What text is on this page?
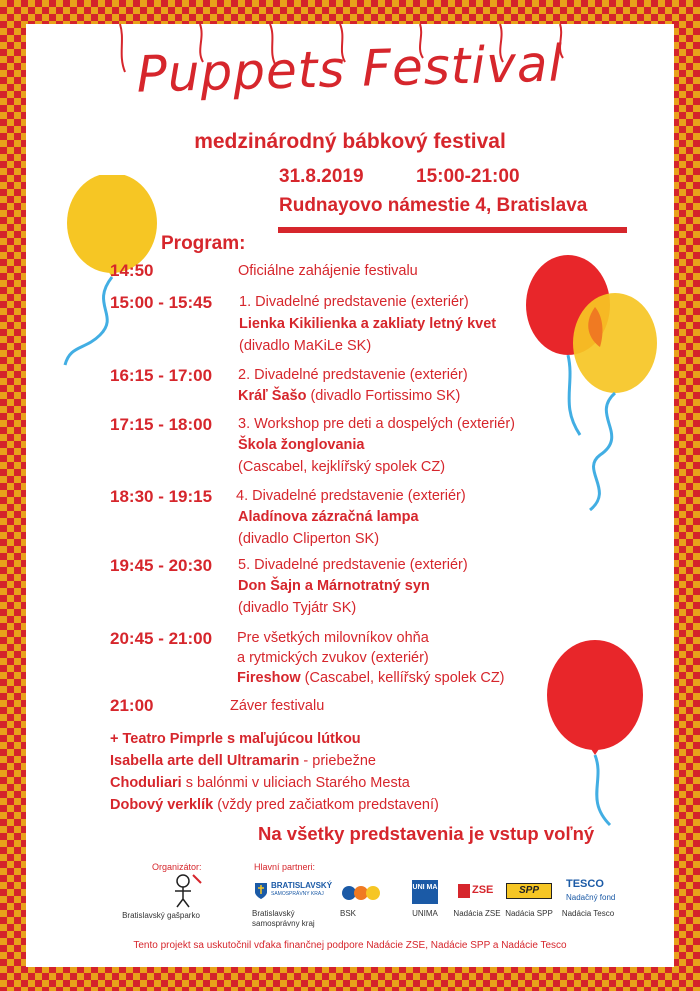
Puppets Festival
medzinárodný bábkový festival
31.8.2019	15:00-21:00
Rudnayovo námestie 4, Bratislava
Program:
14:50	Oficiálne zahájenie festivalu
15:00 - 15:45 1. Divadelné predstavenie (exteriér)
Lienka Kikilienka a zakliaty letný kvet
(divadlo MaKiLe SK)
16:15 - 17:00 2. Divadelné predstavenie (exteriér)
Kráľ Šašo (divadlo Fortissimo SK)
17:15 - 18:00 3. Workshop pre deti a dospelých (exteriér)
Škola žonglovania
(Cascabel, kejklířský spolek CZ)
18:30 - 19:15 4. Divadelné predstavenie (exteriér)
Aladínova zázračná lampa
(divadlo Cliperton SK)
19:45 - 20:30 5. Divadelné predstavenie (exteriér)
Don Šajn a Márnotratný syn
(divadlo Tyjátr SK)
20:45 - 21:00 Pre všetkých milovníkov ohňa
a rytmických zvukov (exteriér)
Fireshow (Cascabel, kellířský spolek CZ)
21:00	Záver festivalu
+ Teatro Pimprle s maľujúcou lútkou
Isabella arte dell Ultramarin - priebežne
Choduliari s balónmi v uliciach Starého Mesta
Dobový verklík (vždy pred začiatkom predstavení)
Na všetky predstavenia je vstup voľný
Organizátor:	Hlavní partneri:
Bratislavský gašparko
BRATISLAVSKÝ
SAMOSPRÁVNY KRAJ
Bratislavský
samosprávny kraj
BSK
UNI MA
UNIMA
ZSE
Nadácia ZSE
SPP
Nadácia SPP
TESCO
Nadačný fond
Nadácia Tesco
Tento projekt sa uskutočnil vďaka finančnej podpore Nadácie ZSE, Nadácie SPP a Nadácie Tesco
